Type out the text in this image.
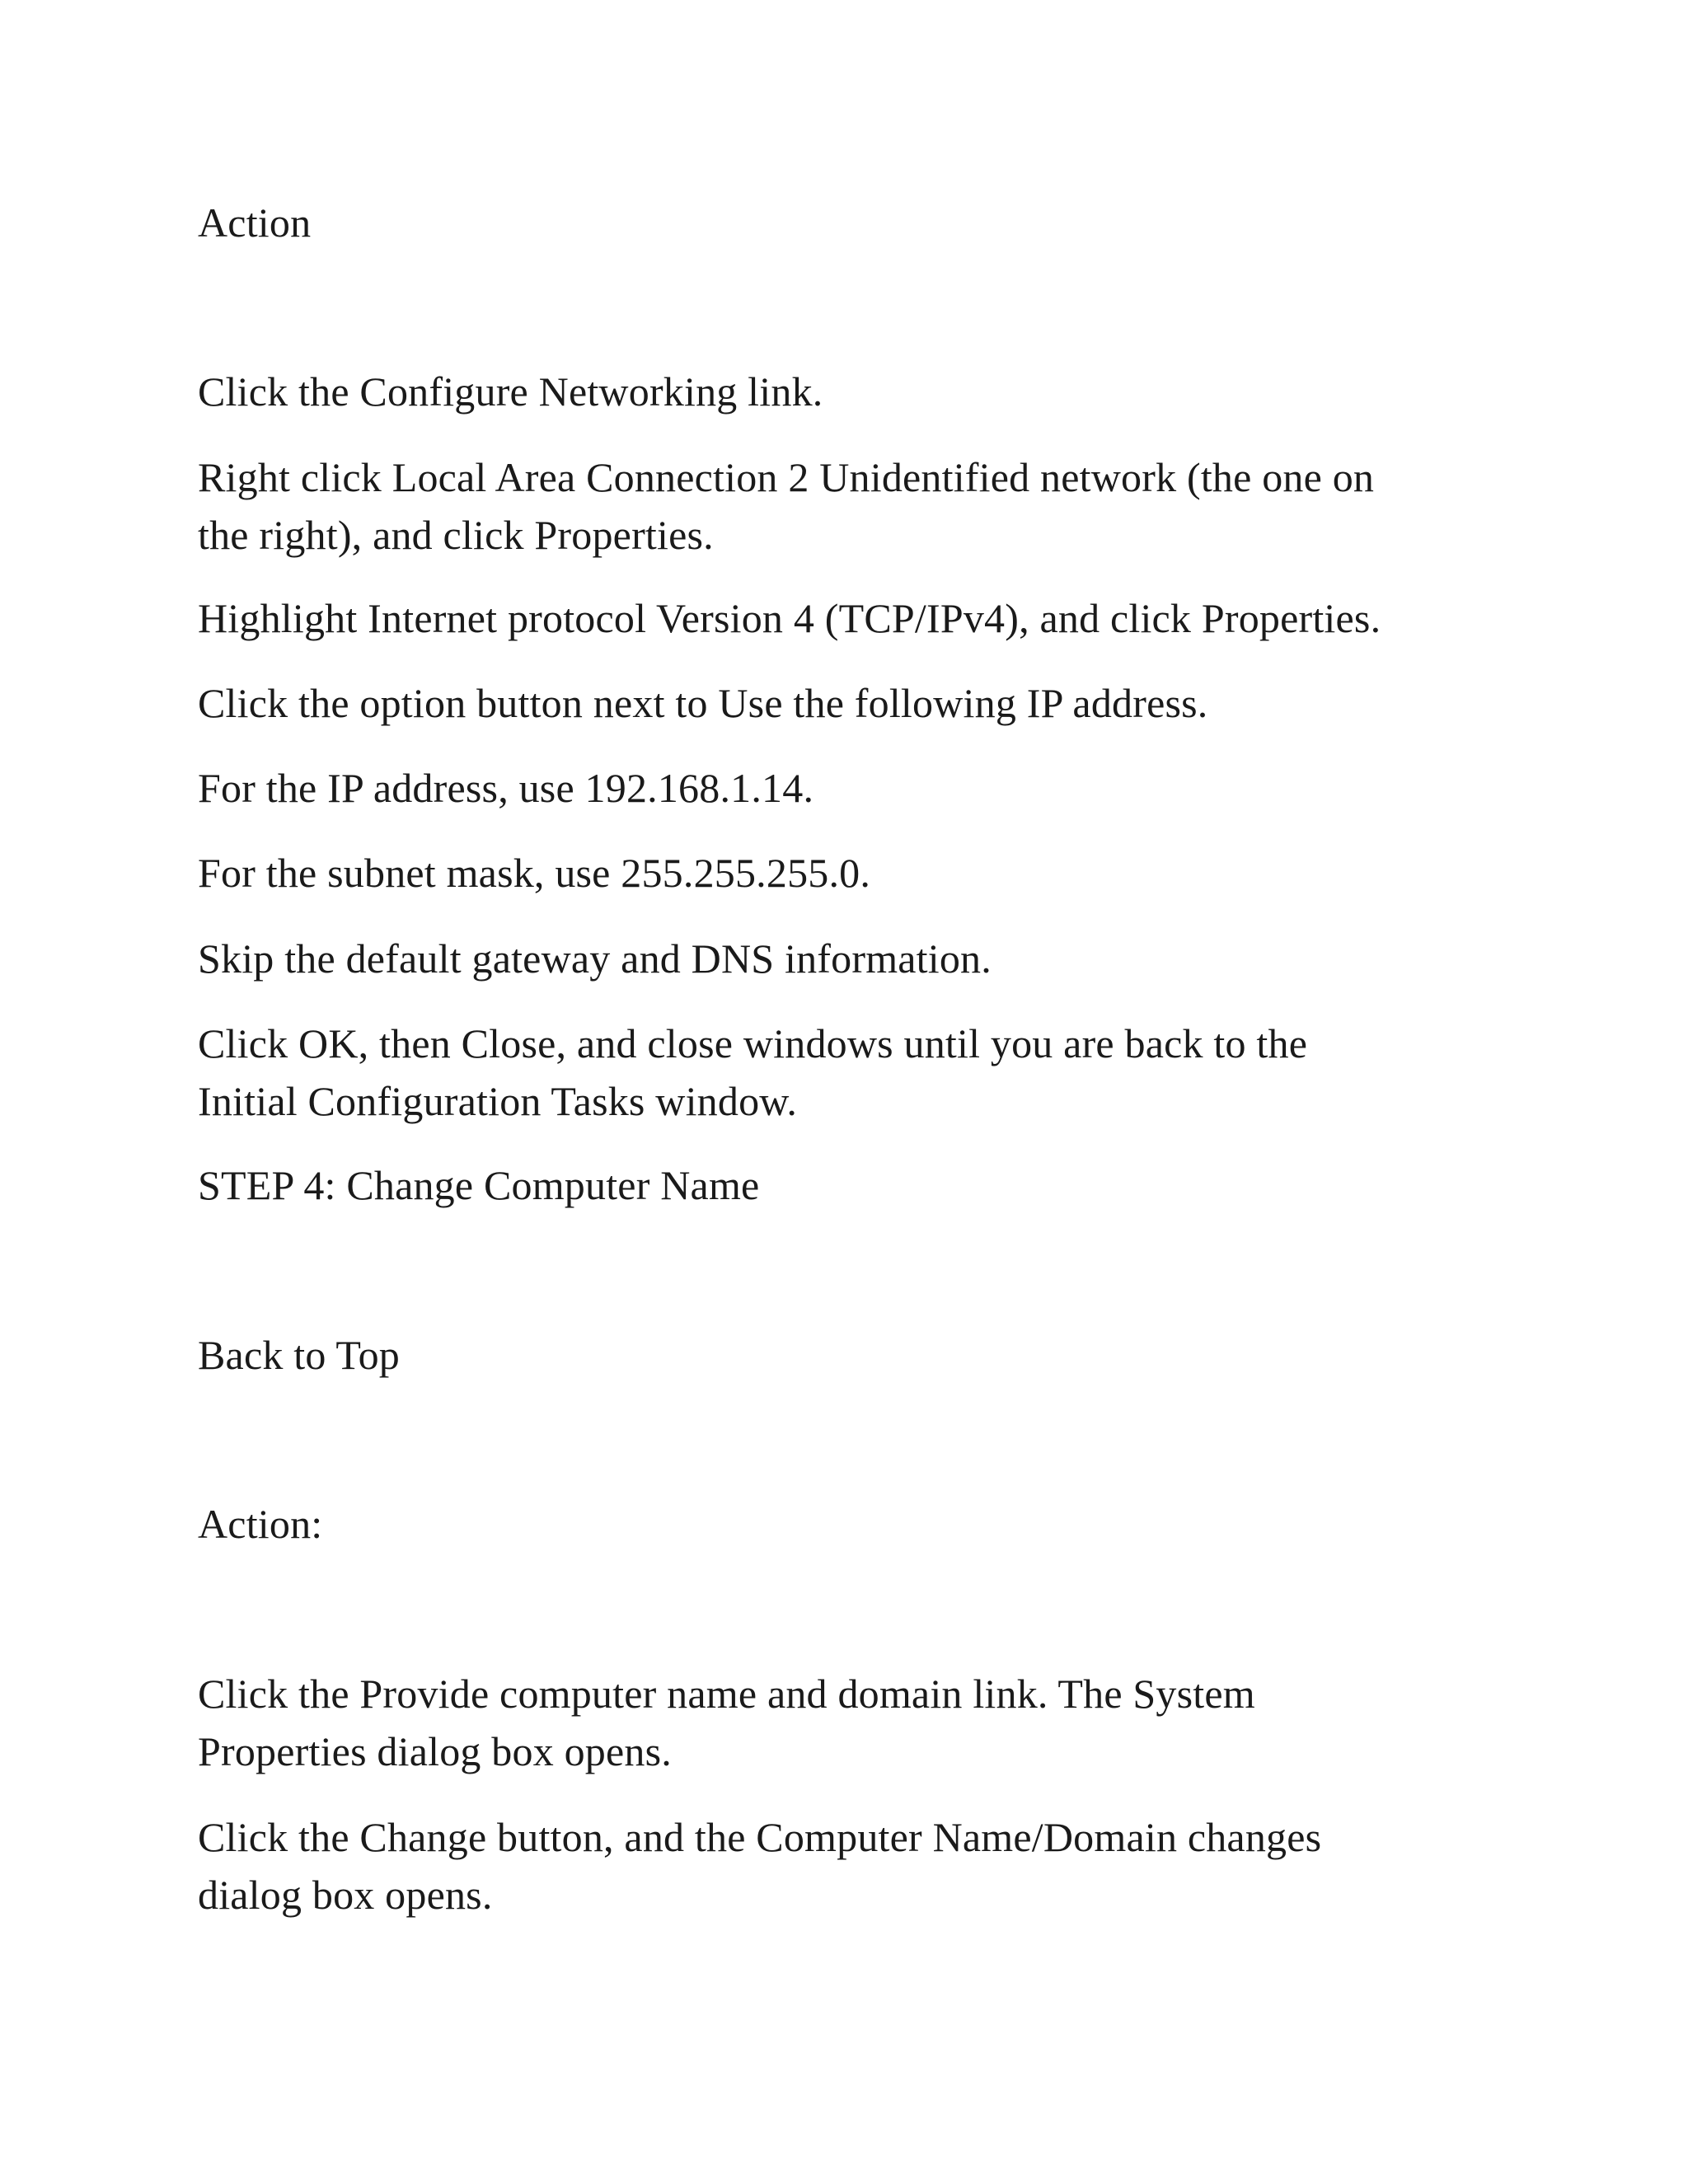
Action

Click the Configure Networking link.

Right click Local Area Connection 2 Unidentified network (the one on
the right), and click Properties.

Highlight Internet protocol Version 4 (TCP/IPv4), and click Properties.

Click the option button next to Use the following IP address.

For the IP address, use 192.168.1.14.

For the subnet mask, use 255.255.255.0.

Skip the default gateway and DNS information.

Click OK, then Close, and close windows until you are back to the
Initial Configuration Tasks window.

STEP 4: Change Computer Name

Back to Top

Action:

Click the Provide computer name and domain link. The System
Properties dialog box opens.
Click the Change button, and the Computer Name/Domain changes
dialog box opens.
